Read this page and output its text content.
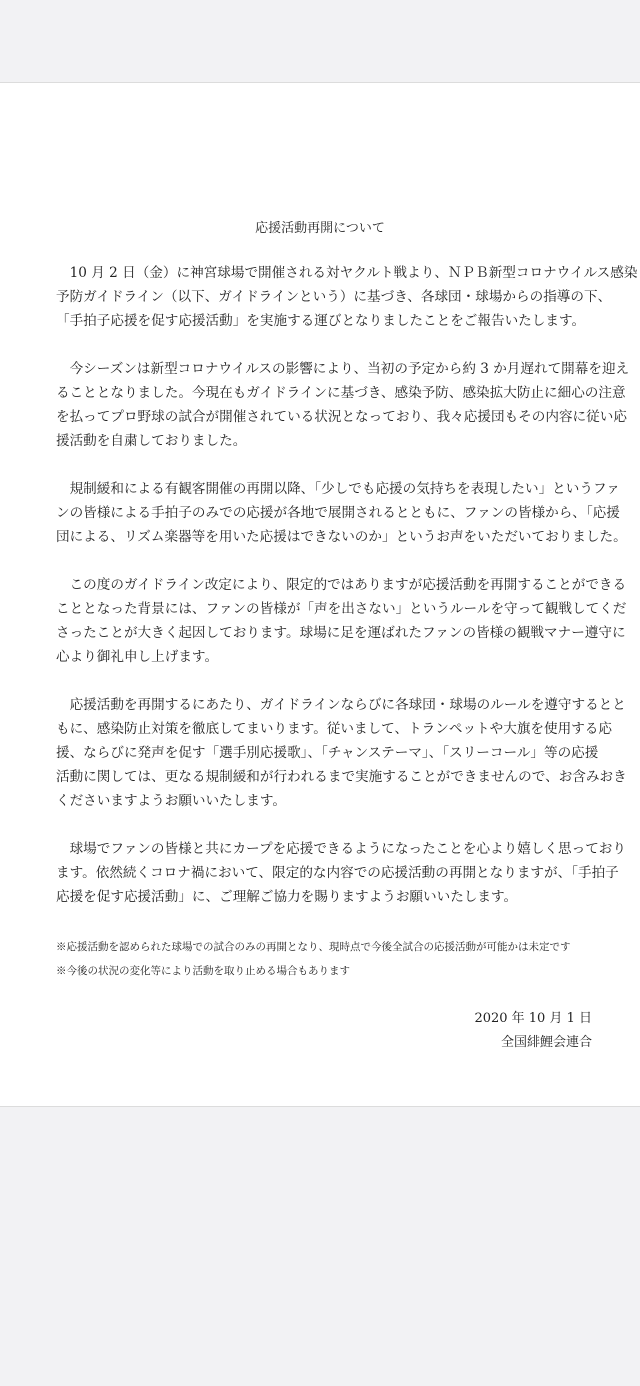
応援活動再開について
　10 月 2 日（金）に神宮球場で開催される対ヤクルト戦より、ＮＰＢ新型コロナウイルス感染
予防ガイドライン（以下、ガイドラインという）に基づき、各球団・球場からの指導の下、
「手拍子応援を促す応援活動」を実施する運びとなりましたことをご報告いたします。
　今シーズンは新型コロナウイルスの影響により、当初の予定から約 3 か月遅れて開幕を迎え
ることとなりました。今現在もガイドラインに基づき、感染予防、感染拡大防止に細心の注意
を払ってプロ野球の試合が開催されている状況となっており、我々応援団もその内容に従い応
援活動を自粛しておりました。
　規制緩和による有観客開催の再開以降、「少しでも応援の気持ちを表現したい」というファ
ンの皆様による手拍子のみでの応援が各地で展開されるとともに、ファンの皆様から、「応援
団による、リズム楽器等を用いた応援はできないのか」というお声をいただいておりました。
　この度のガイドライン改定により、限定的ではありますが応援活動を再開することができる
こととなった背景には、ファンの皆様が「声を出さない」というルールを守って観戦してくだ
さったことが大きく起因しております。球場に足を運ばれたファンの皆様の観戦マナー遵守に
心より御礼申し上げます。
　応援活動を再開するにあたり、ガイドラインならびに各球団・球場のルールを遵守するとと
もに、感染防止対策を徹底してまいります。従いまして、トランペットや大旗を使用する応
援、ならびに発声を促す「選手別応援歌」、「チャンステーマ」、「スリーコール」等の応援
活動に関しては、更なる規制緩和が行われるまで実施することができませんので、お含みおき
くださいますようお願いいたします。
　球場でファンの皆様と共にカープを応援できるようになったことを心より嬉しく思っており
ます。依然続くコロナ禍において、限定的な内容での応援活動の再開となりますが、「手拍子
応援を促す応援活動」に、ご理解ご協力を賜りますようお願いいたします。
※応援活動を認められた球場での試合のみの再開となり、現時点で今後全試合の応援活動が可能かは未定です
※今後の状況の変化等により活動を取り止める場合もあります
2020 年 10 月 1 日
全国緋鯉会連合
